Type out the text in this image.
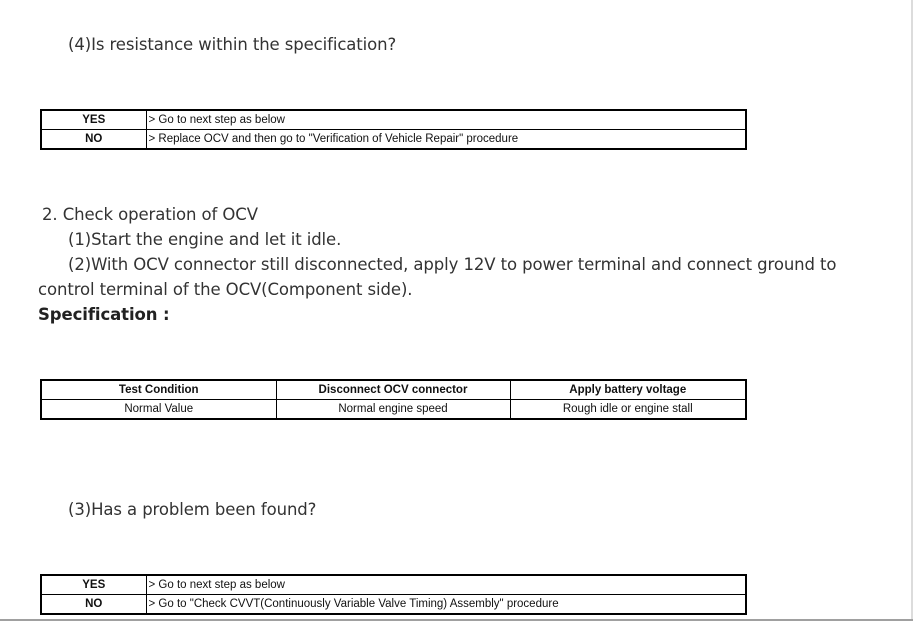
(4)Is resistance within the specification?
YES	> Go to next step as below
NO	> Replace OCV and then go to "Verification of Vehicle Repair" procedure
2. Check operation of OCV
(1)Start the engine and let it idle.
(2)With OCV connector still disconnected, apply 12V to power terminal and connect ground to
control terminal of the OCV(Component side).
Specification :
Test Condition	Disconnect OCV connector	Apply battery voltage
Normal Value	Normal engine speed	Rough idle or engine stall
(3)Has a problem been found?
YES	> Go to next step as below
NO	> Go to "Check CVVT(Continuously Variable Valve Timing) Assembly" procedure
